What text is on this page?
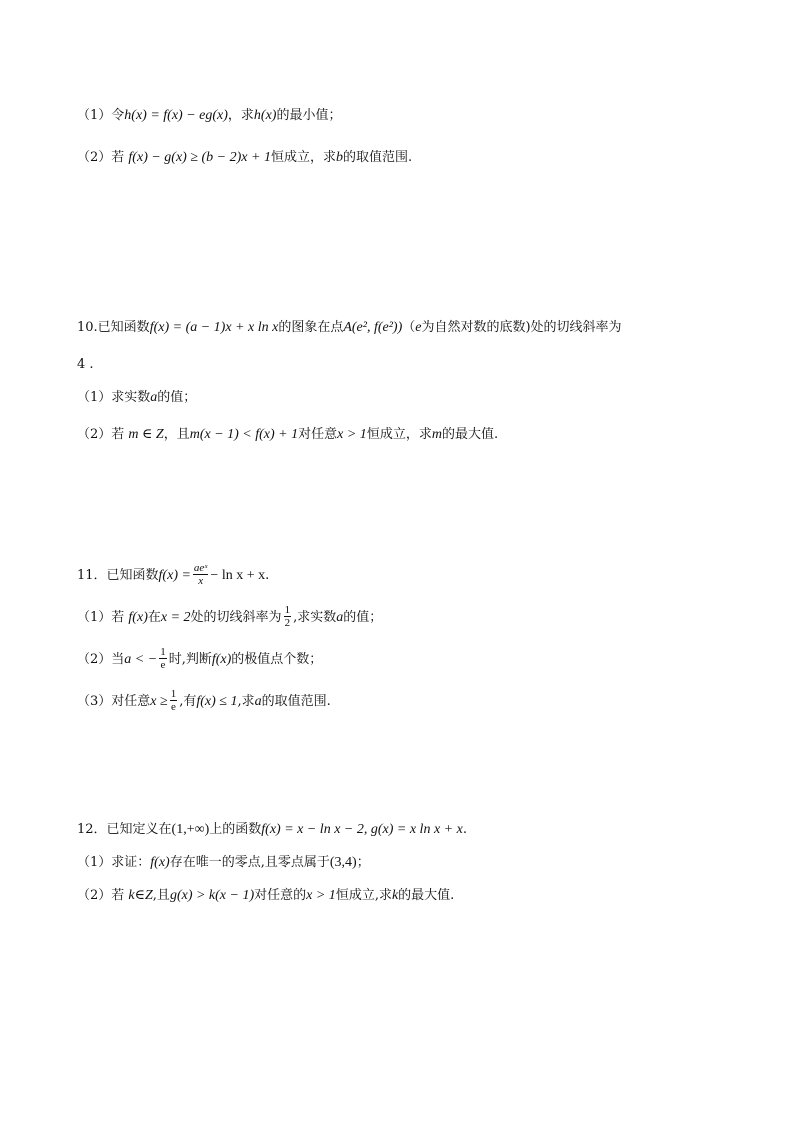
（1）令h(x) = f(x) − eg(x)，求h(x)的最小值；
（2）若 f(x) − g(x) ≥ (b − 2)x + 1恒成立，求b的取值范围.
10.已知函数f(x) = (a − 1)x + x ln x的图象在点A(e², f(e²))（e为自然对数的底数)处的切线斜率为
4 .
（1）求实数a的值；
（2）若 m ∈ Z，且m(x − 1) < f(x) + 1对任意x > 1恒成立，求m的最大值.
11．已知函数$f(x) = \frac{\text{aeˣ}}{x} - \ln x + x$.
（1）若 f(x)在x = 2处的切线斜率为 $\frac{1}{2}$ ,求实数a的值；
（2）当a < − $\frac{1}{e}$ 时,判断f(x)的极值点个数；
（3）对任意$x \ge \frac{1}{e}$ ,有f(x) ≤ 1,求a的取值范围.
12．已知定义在(1,+∞)上的函数f(x) = x − ln x − 2, g(x) = x ln x + x.
（1）求证：f(x)存在唯一的零点,且零点属于(3,4)；
（2）若 k∈Z,且g(x) > k(x − 1)对任意的x > 1恒成立,求k的最大值.
